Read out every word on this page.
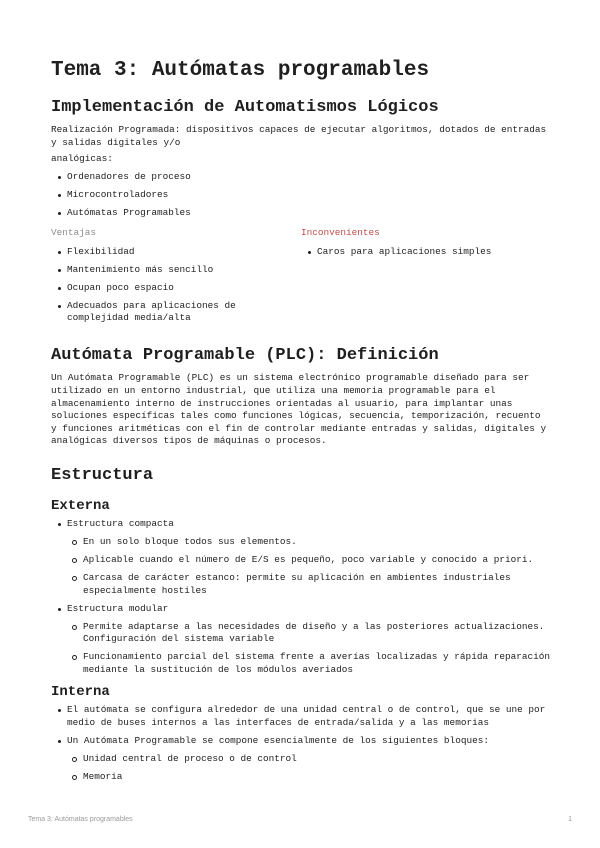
Tema 3: Autómatas programables
Implementación de Automatismos Lógicos

Realización Programada: dispositivos capaces de ejecutar algoritmos, dotados de entradas y salidas digitales y/o

analógicas:

Ordenadores de proceso
Microcontroladores
Autómatas Programables

Ventajas

Flexibilidad
Mantenimiento más sencillo
Ocupan poco espacio
Adecuados para aplicaciones de complejidad media/alta

Inconvenientes

Caros para aplicaciones simples
Autómata Programable (PLC): Definición

Un Autómata Programable (PLC) es un sistema electrónico programable diseñado para ser utilizado en un entorno industrial, que utiliza una memoria programable para el almacenamiento interno de instrucciones orientadas al usuario, para implantar unas soluciones específicas tales como funciones lógicas, secuencia, temporización, recuento y funciones aritméticas con el fin de controlar mediante entradas y salidas, digitales y analógicas diversos tipos de máquinas o procesos.

Estructura
Externa
Estructura compacta
En un solo bloque todos sus elementos.
Aplicable cuando el número de E/S es pequeño, poco variable y conocido a priori.
Carcasa de carácter estanco: permite su aplicación en ambientes industriales especialmente hostiles
Estructura modular
Permite adaptarse a las necesidades de diseño y a las posteriores actualizaciones. Configuración del sistema variable
Funcionamiento parcial del sistema frente a averías localizadas y rápida reparación mediante la sustitución de los módulos averiados
Interna
El autómata se configura alrededor de una unidad central o de control, que se une por medio de buses internos a las interfaces de entrada/salida y a las memorias
Un Autómata Programable se compone esencialmente de los siguientes bloques:
Unidad central de proceso o de control
Memoria
Tema 3: Autómatas programables	1
